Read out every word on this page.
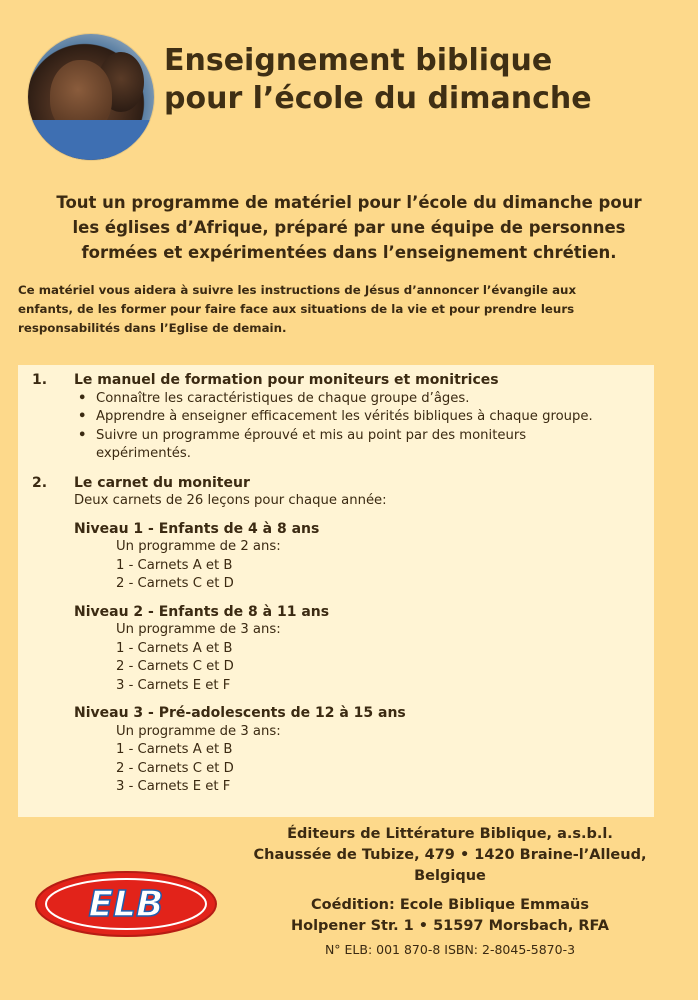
Enseignement biblique
pour l’école du dimanche

Tout un programme de matériel pour l’école du dimanche pour
les églises d’Afrique, préparé par une équipe de personnes
formées et expérimentées dans l’enseignement chrétien.

Ce matériel vous aidera à suivre les instructions de Jésus d’annoncer l’évangile aux
enfants, de les former pour faire face aux situations de la vie et pour prendre leurs
responsabilités dans l’Eglise de demain.

1.	Le manuel de formation pour moniteurs et monitrices
• Connaître les caractéristiques de chaque groupe d’âges.
• Apprendre à enseigner efficacement les vérités bibliques à chaque groupe.
• Suivre un programme éprouvé et mis au point par des moniteurs
expérimentés.
2.	Le carnet du moniteur
Deux carnets de 26 leçons pour chaque année:
Niveau 1 - Enfants de 4 à 8 ans
Un programme de 2 ans:
1 - Carnets A et B
2 - Carnets C et D
Niveau 2 - Enfants de 8 à 11 ans
Un programme de 3 ans:
1 - Carnets A et B
2 - Carnets C et D
3 - Carnets E et F
Niveau 3 - Pré-adolescents de 12 à 15 ans
Un programme de 3 ans:
1 - Carnets A et B
2 - Carnets C et D
3 - Carnets E et F
ELB
Éditeurs de Littérature Biblique, a.s.b.l.
Chaussée de Tubize, 479 • 1420 Braine-l’Alleud,
Belgique
Coédition: Ecole Biblique Emmaüs
Holpener Str. 1 • 51597 Morsbach, RFA
N° ELB: 001 870-8 ISBN: 2-8045-5870-3
